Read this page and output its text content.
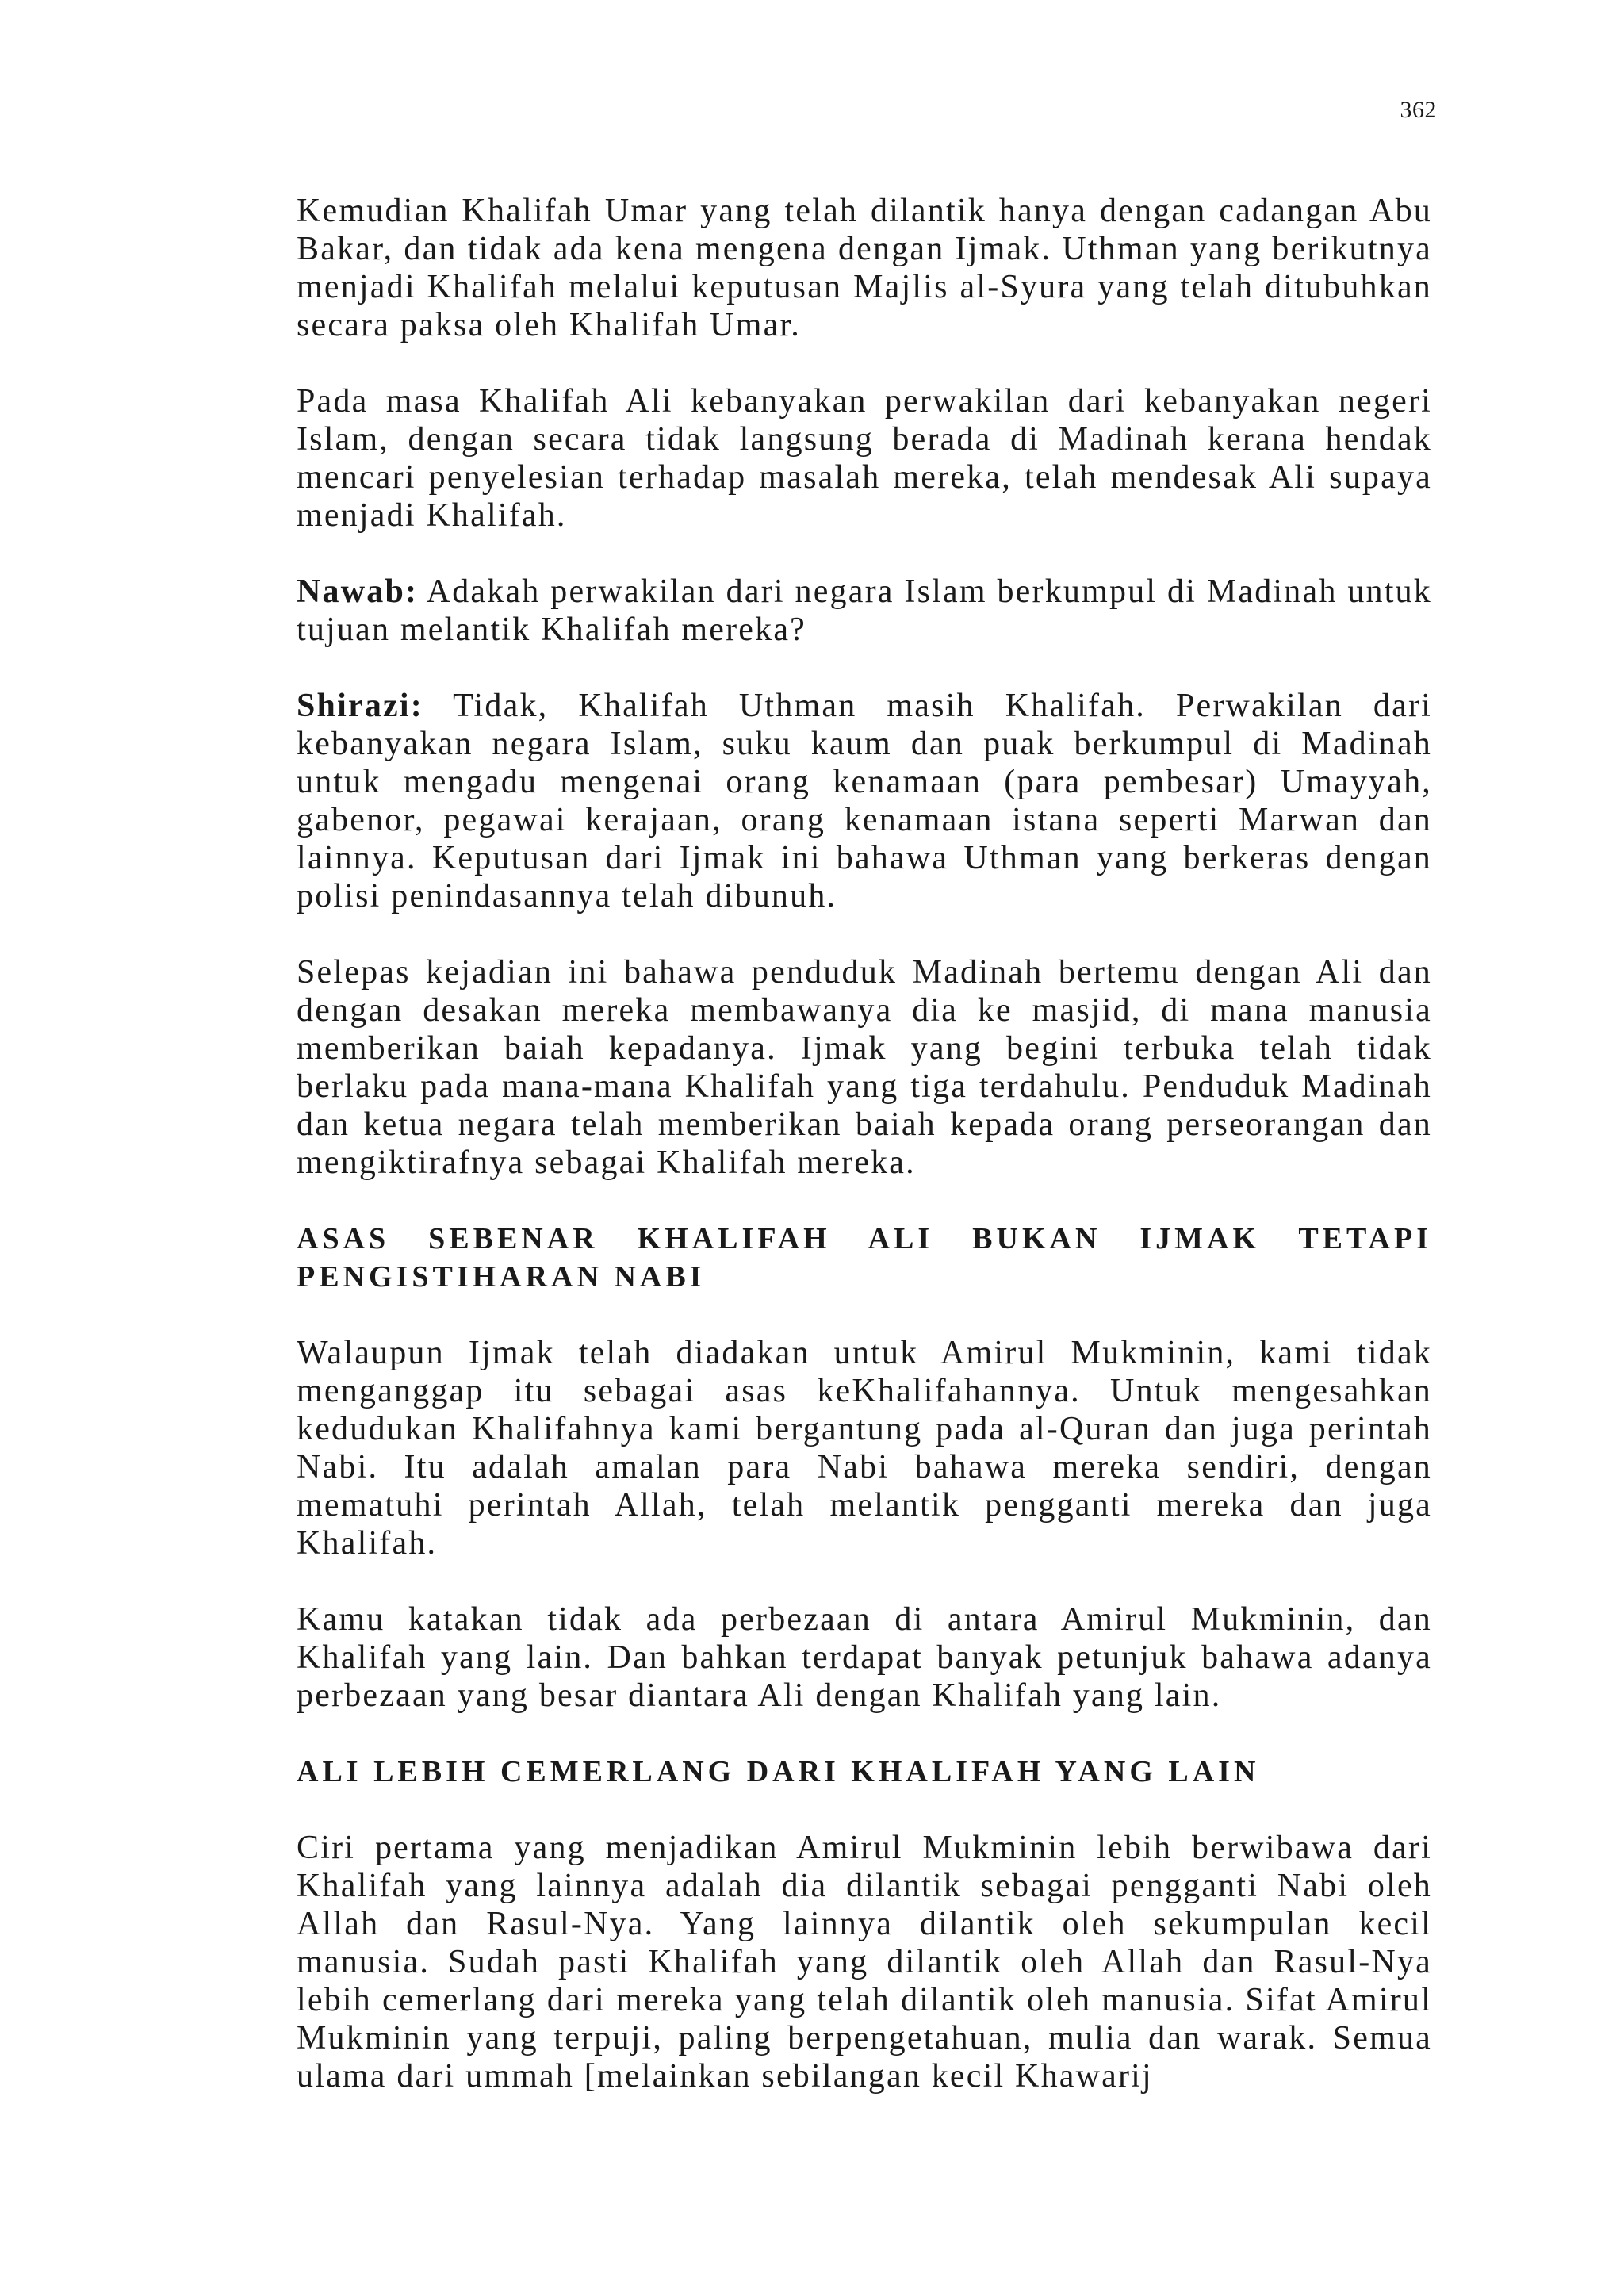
362

Kemudian Khalifah Umar yang telah dilantik hanya dengan cadangan Abu Bakar, dan tidak ada kena mengena dengan Ijmak. Uthman yang berikutnya menjadi Khalifah melalui keputusan Majlis al-Syura yang telah ditubuhkan secara paksa oleh Khalifah Umar.

Pada masa Khalifah Ali kebanyakan perwakilan dari kebanyakan negeri Islam, dengan secara tidak langsung berada di Madinah kerana hendak mencari penyelesian terhadap masalah mereka, telah mendesak Ali supaya menjadi Khalifah.

Nawab: Adakah perwakilan dari negara Islam berkumpul di Madinah untuk tujuan melantik Khalifah mereka?

Shirazi: Tidak, Khalifah Uthman masih Khalifah. Perwakilan dari kebanyakan negara Islam, suku kaum dan puak berkumpul di Madinah untuk mengadu mengenai orang kenamaan (para pembesar) Umayyah, gabenor, pegawai kerajaan, orang kenamaan istana seperti Marwan dan lainnya. Keputusan dari Ijmak ini bahawa Uthman yang berkeras dengan polisi penindasannya telah dibunuh.

Selepas kejadian ini bahawa penduduk Madinah bertemu dengan Ali dan dengan desakan mereka membawanya dia ke masjid, di mana manusia memberikan baiah kepadanya. Ijmak yang begini terbuka telah tidak berlaku pada mana-mana Khalifah yang tiga terdahulu. Penduduk Madinah dan ketua negara telah memberikan baiah kepada orang perseorangan dan mengiktirafnya sebagai Khalifah mereka.

ASAS SEBENAR KHALIFAH ALI BUKAN IJMAK TETAPI
PENGISTIHARAN NABI

Walaupun Ijmak telah diadakan untuk Amirul Mukminin, kami tidak menganggap itu sebagai asas keKhalifahannya. Untuk mengesahkan kedudukan Khalifahnya kami bergantung pada al-Quran dan juga perintah Nabi. Itu adalah amalan para Nabi bahawa mereka sendiri, dengan mematuhi perintah Allah, telah melantik pengganti mereka dan juga Khalifah.

Kamu katakan tidak ada perbezaan di antara Amirul Mukminin, dan Khalifah yang lain. Dan bahkan terdapat banyak petunjuk bahawa adanya perbezaan yang besar diantara Ali dengan Khalifah yang lain.

ALI LEBIH CEMERLANG DARI KHALIFAH YANG LAIN

Ciri pertama yang menjadikan Amirul Mukminin lebih berwibawa dari Khalifah yang lainnya adalah dia dilantik sebagai pengganti Nabi oleh Allah dan Rasul-Nya. Yang lainnya dilantik oleh sekumpulan kecil manusia. Sudah pasti Khalifah yang dilantik oleh Allah dan Rasul-Nya lebih cemerlang dari mereka yang telah dilantik oleh manusia. Sifat Amirul Mukminin yang terpuji, paling berpengetahuan, mulia dan warak. Semua ulama dari ummah [melainkan sebilangan kecil Khawarij
